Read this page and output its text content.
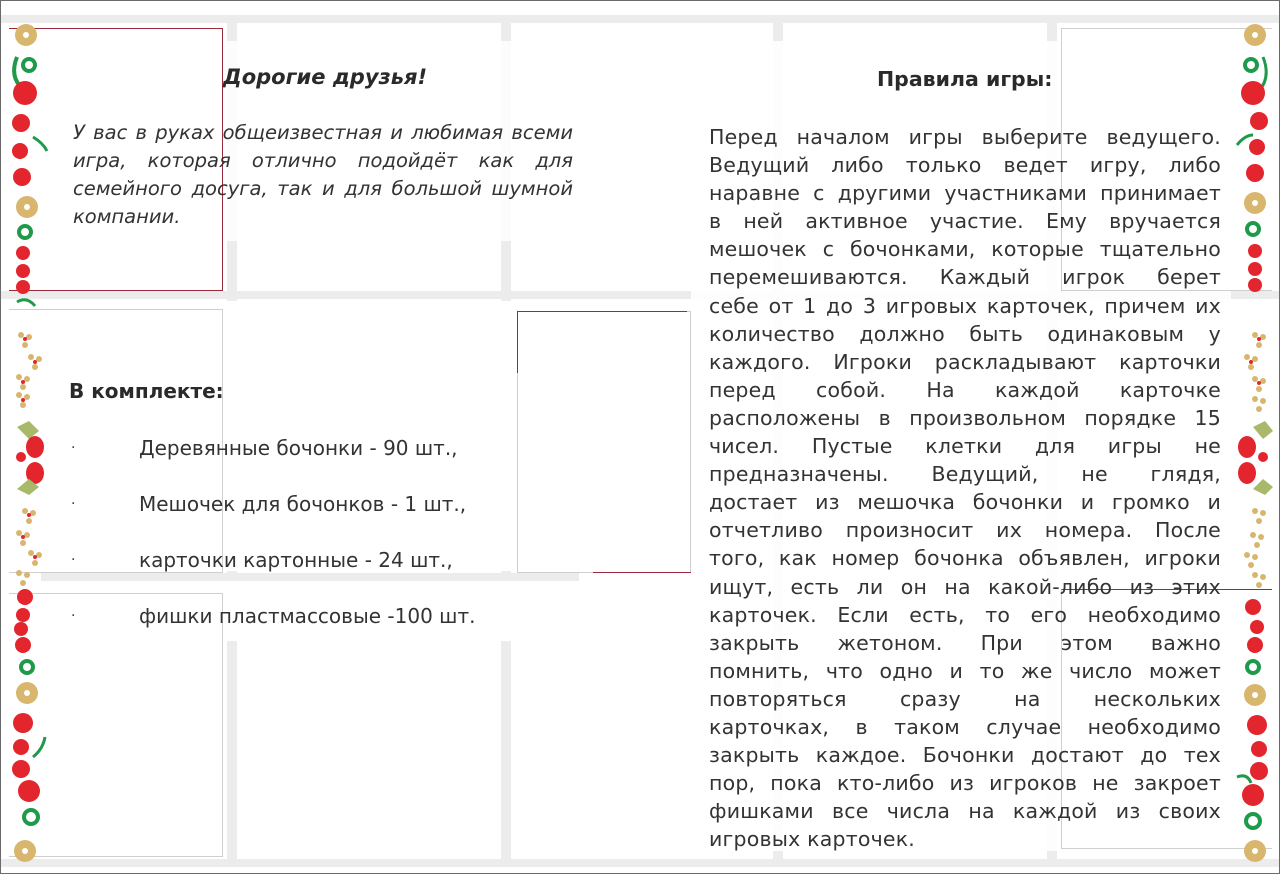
Дорогие друзья!
У вас в руках общеизвестная и любимая всеми игра, которая отлично подойдёт как для семейного досуга, так и для большой шумной компании.
В комплекте:
·	Деревянные бочонки - 90 шт.,
·	Мешочек для бочонков - 1 шт.,
·	карточки картонные - 24 шт.,
·	фишки пластмассовые -100 шт.
Правила игры:
Перед началом игры выберите ведущего.
Ведущий либо только ведет игру, либо
наравне с другими участниками принимает
в ней активное участие. Ему вручается
мешочек с бочонками, которые тщательно
перемешиваются. Каждый игрок берет
себе от 1 до 3 игровых карточек, причем их
количество должно быть одинаковым у
каждого. Игроки раскладывают карточки
перед собой. На каждой карточке
расположены в произвольном порядке 15
чисел. Пустые клетки для игры не
предназначены. Ведущий, не глядя,
достает из мешочка бочонки и громко и
отчетливо произносит их номера. После
того, как номер бочонка объявлен, игроки
ищут, есть ли он на какой-либо из этих
карточек. Если есть, то его необходимо
закрыть жетоном. При этом важно
помнить, что одно и то же число может
повторяться сразу на нескольких
карточках, в таком случае необходимо
закрыть каждое. Бочонки достают до тех
пор, пока кто-либо из игроков не закроет
фишками все числа на каждой из своих
игровых карточек.
